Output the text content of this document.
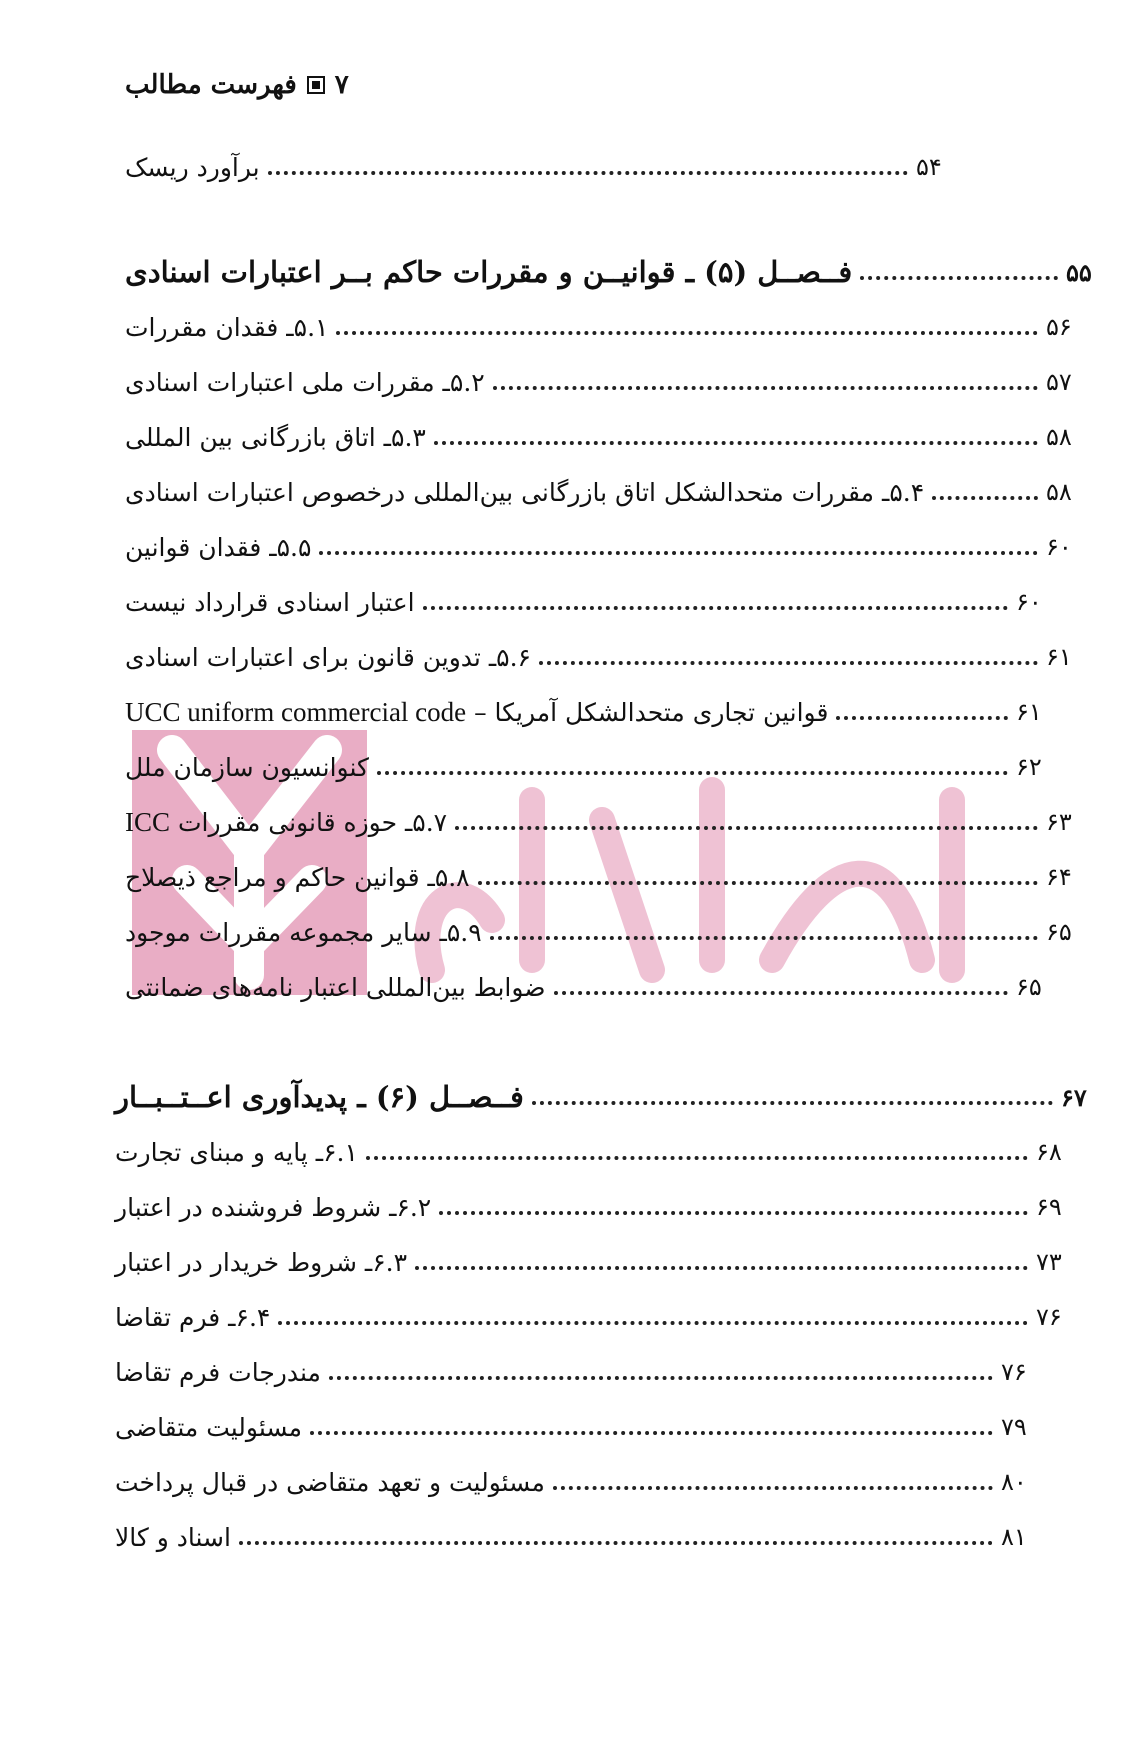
۷
فهرست مطالب
برآورد ریسک	۵۴
فــصــل (۵) ـ قوانیــن و مقررات حاکم بــر اعتبارات اسنادی	۵۵
۵.۱ـ فقدان مقررات	۵۶
۵.۲ـ مقررات ملی اعتبارات اسنادی	۵۷
۵.۳ـ اتاق بازرگانی بین المللی	۵۸
۵.۴ـ مقررات متحدالشکل اتاق بازرگانی بین‌المللی درخصوص اعتبارات اسنادی	۵۸
۵.۵ـ فقدان قوانین	۶۰
اعتبار اسنادی قرارداد نیست	۶۰
۵.۶ـ تدوین قانون برای اعتبارات اسنادی	۶۱
قوانین تجاری متحدالشکل آمریکا – UCC uniform commercial code	۶۱
کنوانسیون سازمان ملل	۶۲
۵.۷ـ حوزه قانونی مقررات ICC	۶۳
۵.۸ـ قوانین حاکم و مراجع ذیصلاح	۶۴
۵.۹ـ سایر مجموعه مقررات موجود	۶۵
ضوابط بین‌المللی اعتبار نامه‌های ضمانتی	۶۵
فــصــل (۶) ـ پدیدآوری اعــتــبــار	۶۷
۶.۱ـ پایه و مبنای تجارت	۶۸
۶.۲ـ شروط فروشنده در اعتبار	۶۹
۶.۳ـ شروط خریدار در اعتبار	۷۳
۶.۴ـ فرم تقاضا	۷۶
مندرجات فرم تقاضا	۷۶
مسئولیت متقاضی	۷۹
مسئولیت و تعهد متقاضی در قبال پرداخت	۸۰
اسناد و کالا	۸۱
